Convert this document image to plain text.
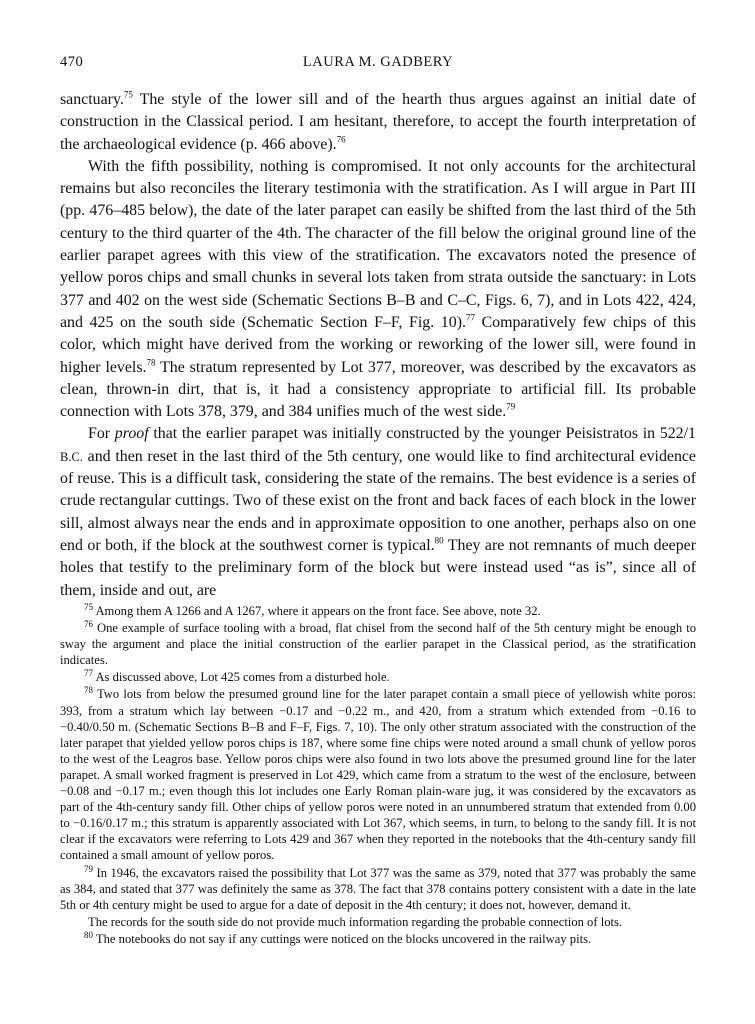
470	LAURA M. GADBERY

sanctuary.$^{75}$ The style of the lower sill and of the hearth thus argues against an initial date of construction in the Classical period. I am hesitant, therefore, to accept the fourth interpretation of the archaeological evidence (p. 466 above).$^{76}$

With the fifth possibility, nothing is compromised. It not only accounts for the architectural remains but also reconciles the literary testimonia with the stratification. As I will argue in Part III (pp. 476–485 below), the date of the later parapet can easily be shifted from the last third of the 5th century to the third quarter of the 4th. The character of the fill below the original ground line of the earlier parapet agrees with this view of the stratification. The excavators noted the presence of yellow poros chips and small chunks in several lots taken from strata outside the sanctuary: in Lots 377 and 402 on the west side (Schematic Sections B–B and C–C, Figs. 6, 7), and in Lots 422, 424, and 425 on the south side (Schematic Section F–F, Fig. 10).$^{77}$ Comparatively few chips of this color, which might have derived from the working or reworking of the lower sill, were found in higher levels.$^{78}$ The stratum represented by Lot 377, moreover, was described by the excavators as clean, thrown-in dirt, that is, it had a consistency appropriate to artificial fill. Its probable connection with Lots 378, 379, and 384 unifies much of the west side.$^{79}$

For proof that the earlier parapet was initially constructed by the younger Peisistratos in 522/1 B.C. and then reset in the last third of the 5th century, one would like to find architectural evidence of reuse. This is a difficult task, considering the state of the remains. The best evidence is a series of crude rectangular cuttings. Two of these exist on the front and back faces of each block in the lower sill, almost always near the ends and in approximate opposition to one another, perhaps also on one end or both, if the block at the southwest corner is typical.$^{80}$ They are not remnants of much deeper holes that testify to the preliminary form of the block but were instead used “as is”, since all of them, inside and out, are

$^{75}$ Among them A 1266 and A 1267, where it appears on the front face. See above, note 32.

$^{76}$ One example of surface tooling with a broad, flat chisel from the second half of the 5th century might be enough to sway the argument and place the initial construction of the earlier parapet in the Classical period, as the stratification indicates.

$^{77}$ As discussed above, Lot 425 comes from a disturbed hole.

$^{78}$ Two lots from below the presumed ground line for the later parapet contain a small piece of yellowish white poros: 393, from a stratum which lay between −0.17 and −0.22 m., and 420, from a stratum which extended from −0.16 to −0.40/0.50 m. (Schematic Sections B–B and F–F, Figs. 7, 10). The only other stratum associated with the construction of the later parapet that yielded yellow poros chips is 187, where some fine chips were noted around a small chunk of yellow poros to the west of the Leagros base. Yellow poros chips were also found in two lots above the presumed ground line for the later parapet. A small worked fragment is preserved in Lot 429, which came from a stratum to the west of the enclosure, between −0.08 and −0.17 m.; even though this lot includes one Early Roman plain-ware jug, it was considered by the excavators as part of the 4th-century sandy fill. Other chips of yellow poros were noted in an unnumbered stratum that extended from 0.00 to −0.16/0.17 m.; this stratum is apparently associated with Lot 367, which seems, in turn, to belong to the sandy fill. It is not clear if the excavators were referring to Lots 429 and 367 when they reported in the notebooks that the 4th-century sandy fill contained a small amount of yellow poros.

$^{79}$ In 1946, the excavators raised the possibility that Lot 377 was the same as 379, noted that 377 was probably the same as 384, and stated that 377 was definitely the same as 378. The fact that 378 contains pottery consistent with a date in the late 5th or 4th century might be used to argue for a date of deposit in the 4th century; it does not, however, demand it.

The records for the south side do not provide much information regarding the probable connection of lots.

$^{80}$ The notebooks do not say if any cuttings were noticed on the blocks uncovered in the railway pits.
